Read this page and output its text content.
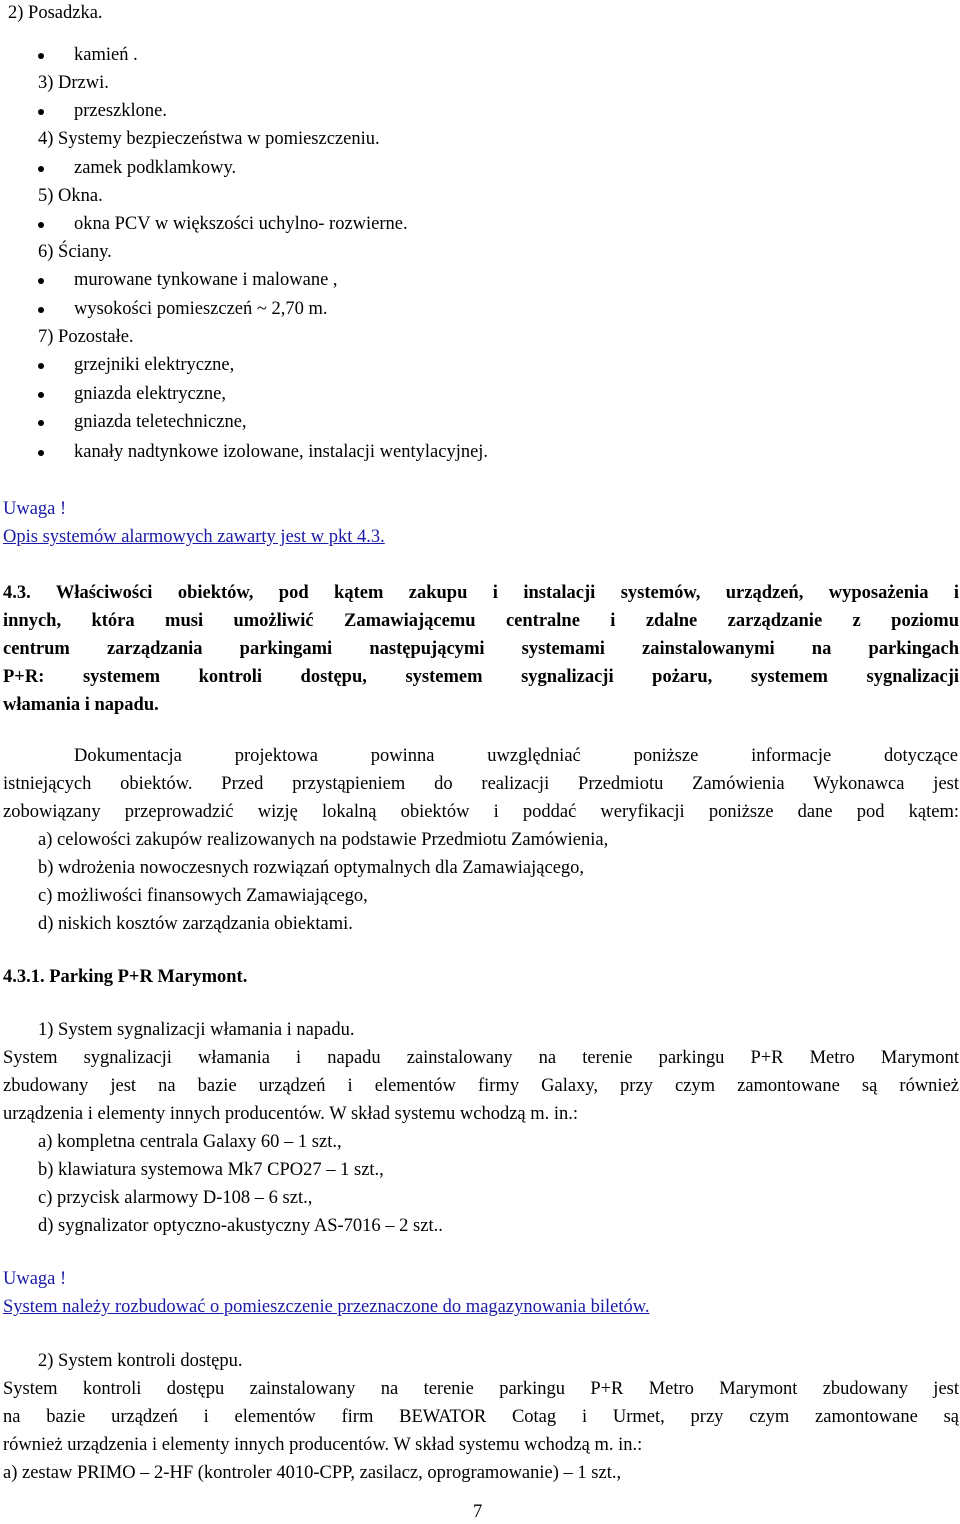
2) Posadzka.
kamień .
3) Drzwi.
przeszklone.
4) Systemy bezpieczeństwa w pomieszczeniu.
zamek podklamkowy.
5) Okna.
okna PCV w większości uchylno- rozwierne.
6) Ściany.
murowane tynkowane i malowane ,
wysokości pomieszczeń ~ 2,70 m.
7) Pozostałe.
grzejniki elektryczne,
gniazda elektryczne,
gniazda teletechniczne,
kanały nadtynkowe izolowane, instalacji wentylacyjnej.
Uwaga !
Opis systemów alarmowych zawarty jest w pkt 4.3.
4.3. Właściwości obiektów, pod kątem zakupu i instalacji systemów, urządzeń, wyposażenia i
innych, która musi umożliwić Zamawiającemu centralne i zdalne zarządzanie z poziomu
centrum zarządzania parkingami następującymi systemami zainstalowanymi na parkingach
P+R: systemem kontroli dostępu, systemem sygnalizacji pożaru, systemem sygnalizacji
włamania i napadu.
Dokumentacja projektowa powinna uwzględniać poniższe informacje dotyczące
istniejących obiektów. Przed przystąpieniem do realizacji Przedmiotu Zamówienia Wykonawca jest
zobowiązany przeprowadzić wizję lokalną obiektów i poddać weryfikacji poniższe dane pod kątem:
a) celowości zakupów realizowanych na podstawie Przedmiotu Zamówienia,
b) wdrożenia nowoczesnych rozwiązań optymalnych dla Zamawiającego,
c) możliwości finansowych Zamawiającego,
d) niskich kosztów zarządzania obiektami.
4.3.1. Parking P+R Marymont.
1) System sygnalizacji włamania i napadu.
System sygnalizacji włamania i napadu zainstalowany na terenie parkingu P+R Metro Marymont
zbudowany jest na bazie urządzeń i elementów firmy Galaxy, przy czym zamontowane są również
urządzenia i elementy innych producentów. W skład systemu wchodzą m. in.:
a) kompletna centrala Galaxy 60 – 1 szt.,
b) klawiatura systemowa Mk7 CPO27 – 1 szt.,
c) przycisk alarmowy D-108 – 6 szt.,
d) sygnalizator optyczno-akustyczny AS-7016 – 2 szt..
Uwaga !
System należy rozbudować o pomieszczenie przeznaczone do magazynowania biletów.
2) System kontroli dostępu.
System kontroli dostępu zainstalowany na terenie parkingu P+R Metro Marymont zbudowany jest
na bazie urządzeń i elementów firm BEWATOR Cotag i Urmet, przy czym zamontowane są
również urządzenia i elementy innych producentów. W skład systemu wchodzą m. in.:
a) zestaw PRIMO – 2-HF (kontroler 4010-CPP, zasilacz, oprogramowanie) – 1 szt.,
7
